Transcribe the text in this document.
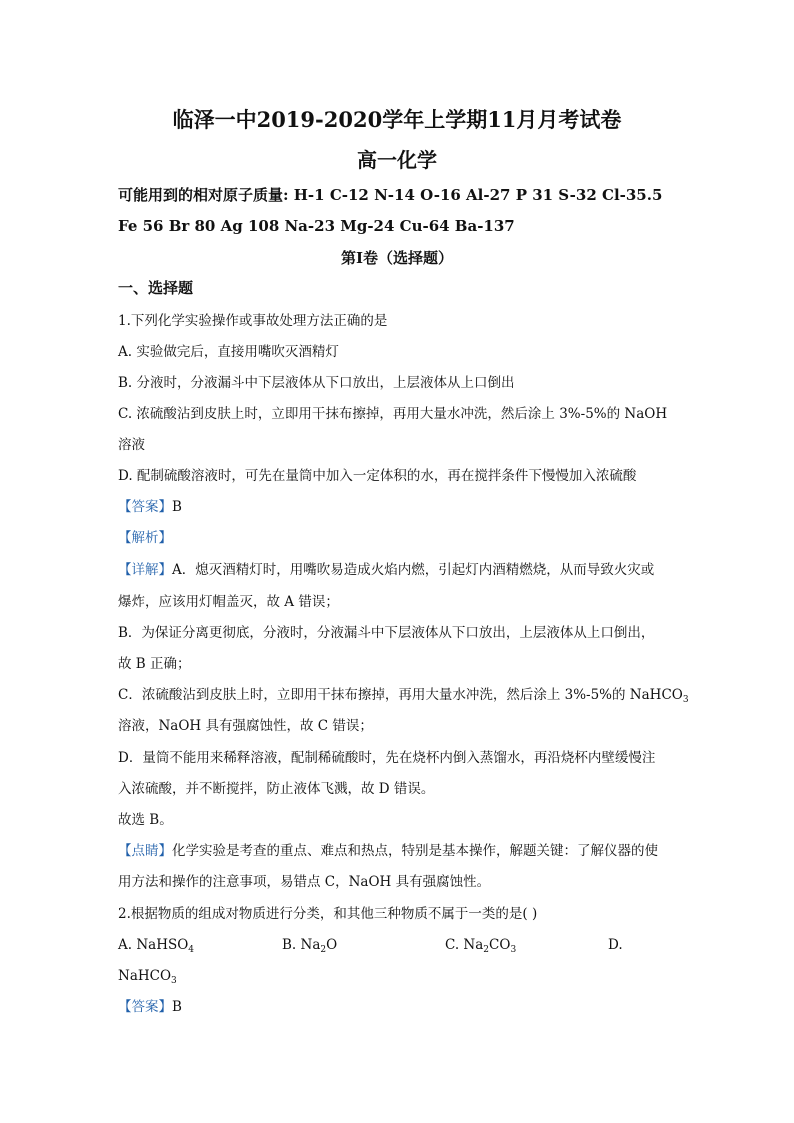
临泽一中2019-2020学年上学期11月月考试卷
高一化学
可能用到的相对原子质量: H-1 C-12 N-14 O-16 Al-27 P 31 S-32 Cl-35.5
Fe 56 Br 80 Ag 108 Na-23 Mg-24 Cu-64 Ba-137
第Ⅰ卷（选择题）
一、选择题
1.下列化学实验操作或事故处理方法正确的是
A. 实验做完后，直接用嘴吹灭酒精灯
B. 分液时，分液漏斗中下层液体从下口放出，上层液体从上口倒出
C. 浓硫酸沾到皮肤上时，立即用干抹布擦掉，再用大量水冲洗，然后涂上 3%-5%的 NaOH
溶液
D. 配制硫酸溶液时，可先在量筒中加入一定体积的水，再在搅拌条件下慢慢加入浓硫酸
【答案】B
【解析】
【详解】A．熄灭酒精灯时，用嘴吹易造成火焰内燃，引起灯内酒精燃烧，从而导致火灾或
爆炸，应该用灯帽盖灭，故 A 错误；
B．为保证分离更彻底，分液时，分液漏斗中下层液体从下口放出，上层液体从上口倒出，
故 B 正确；
C．浓硫酸沾到皮肤上时，立即用干抹布擦掉，再用大量水冲洗，然后涂上 3%-5%的 NaHCO$_3$
溶液，NaOH 具有强腐蚀性，故 C 错误；
D．量筒不能用来稀释溶液，配制稀硫酸时，先在烧杯内倒入蒸馏水，再沿烧杯内壁缓慢注
入浓硫酸，并不断搅拌，防止液体飞溅，故 D 错误。
故选 B。
【点睛】化学实验是考查的重点、难点和热点，特别是基本操作，解题关键：了解仪器的使
用方法和操作的注意事项，易错点 C，NaOH 具有强腐蚀性。
2.根据物质的组成对物质进行分类，和其他三种物质不属于一类的是( )
A. NaHSO$_4$	B. $Na_2O$	C. $Na_2CO_3$	D.
NaHCO$_3$
【答案】B
